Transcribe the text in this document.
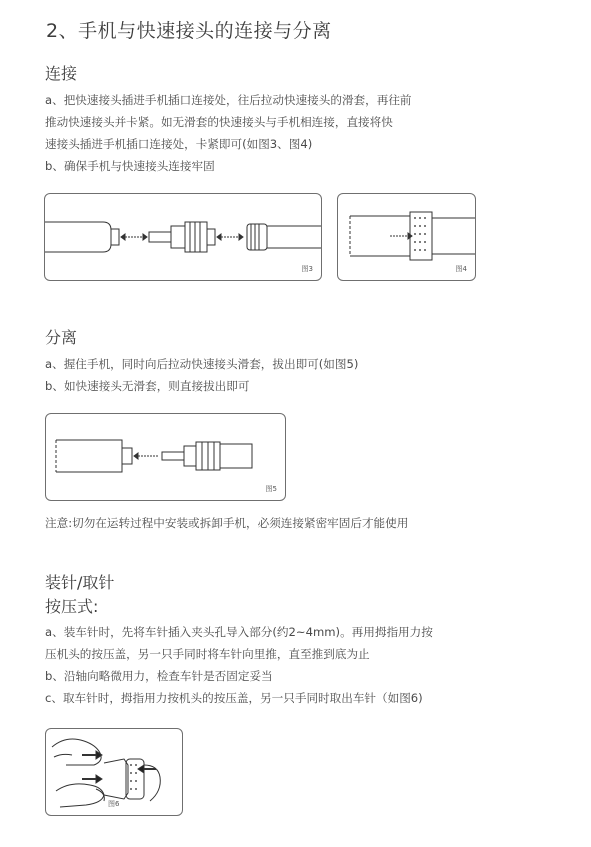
2、手机与快速接头的连接与分离
连接
a、把快速接头插进手机插口连接处，往后拉动快速接头的滑套，再往前
推动快速接头并卡紧。如无滑套的快速接头与手机相连接，直接将快
速接头插进手机插口连接处，卡紧即可(如图3、图4)
b、确保手机与快速接头连接牢固
图3	图4
分离
a、握住手机，同时向后拉动快速接头滑套，拔出即可(如图5)
b、如快速接头无滑套，则直接拔出即可
图5
注意:切勿在运转过程中安装或拆卸手机，必须连接紧密牢固后才能使用
装针/取针
按压式:
a、装车针时，先将车针插入夹头孔导入部分(约2~4mm)。再用拇指用力按
压机头的按压盖，另一只手同时将车针向里推，直至推到底为止
b、沿轴向略微用力，检查车针是否固定妥当
c、取车针时，拇指用力按机头的按压盖，另一只手同时取出车针（如图6)
图6
